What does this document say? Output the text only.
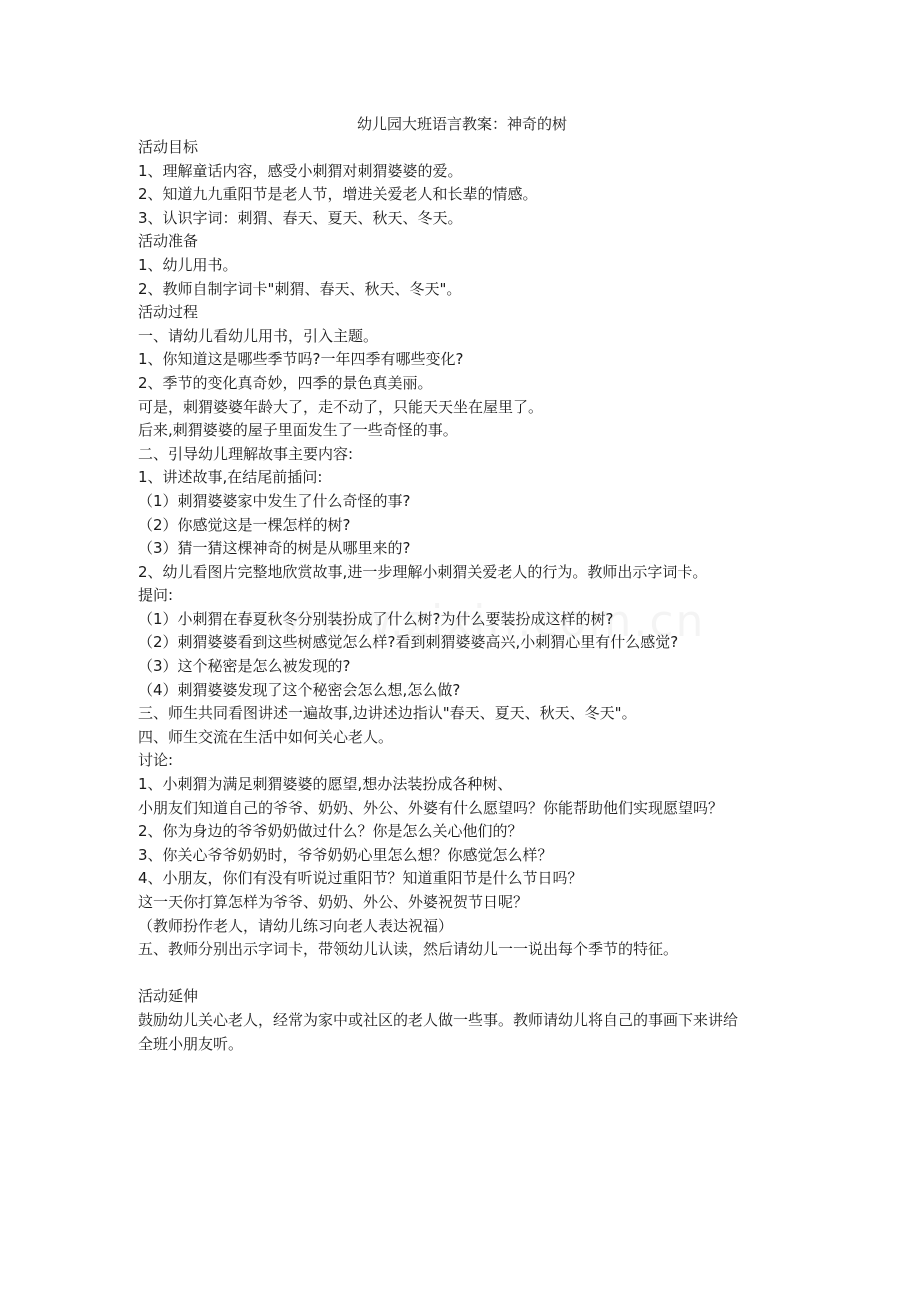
幼儿园大班语言教案：神奇的树

活动目标

1、理解童话内容，感受小刺猬对刺猬婆婆的爱。

2、知道九九重阳节是老人节，增进关爱老人和长辈的情感。

3、认识字词：刺猬、春天、夏天、秋天、冬天。

活动准备

1、幼儿用书。

2、教师自制字词卡"刺猬、春天、秋天、冬天"。

活动过程

一、请幼儿看幼儿用书，引入主题。

1、你知道这是哪些季节吗?一年四季有哪些变化?

2、季节的变化真奇妙，四季的景色真美丽。

可是，刺猬婆婆年龄大了，走不动了，只能天天坐在屋里了。

后来,刺猬婆婆的屋子里面发生了一些奇怪的事。

二、引导幼儿理解故事主要内容:

1、讲述故事,在结尾前插问:

（1）刺猬婆婆家中发生了什么奇怪的事?

（2）你感觉这是一棵怎样的树?

（3）猜一猜这棵神奇的树是从哪里来的?

2、幼儿看图片完整地欣赏故事,进一步理解小刺猬关爱老人的行为。教师出示字词卡。

提问:

（1）小刺猬在春夏秋冬分别装扮成了什么树?为什么要装扮成这样的树?

（2）刺猬婆婆看到这些树感觉怎么样?看到刺猬婆婆高兴,小刺猬心里有什么感觉?

（3）这个秘密是怎么被发现的?

（4）刺猬婆婆发现了这个秘密会怎么想,怎么做?

三、师生共同看图讲述一遍故事,边讲述边指认"春天、夏天、秋天、冬天"。

四、师生交流在生活中如何关心老人。

讨论:

1、小刺猬为满足刺猬婆婆的愿望,想办法装扮成各种树、

小朋友们知道自己的爷爷、奶奶、外公、外婆有什么愿望吗？你能帮助他们实现愿望吗？

2、你为身边的爷爷奶奶做过什么？你是怎么关心他们的？

3、你关心爷爷奶奶时，爷爷奶奶心里怎么想？你感觉怎么样？

4、小朋友，你们有没有听说过重阳节？知道重阳节是什么节日吗？

这一天你打算怎样为爷爷、奶奶、外公、外婆祝贺节日呢？

（教师扮作老人，请幼儿练习向老人表达祝福）

五、教师分别出示字词卡，带领幼儿认读，然后请幼儿一一说出每个季节的特征。

活动延伸

鼓励幼儿关心老人，经常为家中或社区的老人做一些事。教师请幼儿将自己的事画下来讲给

全班小朋友听。
